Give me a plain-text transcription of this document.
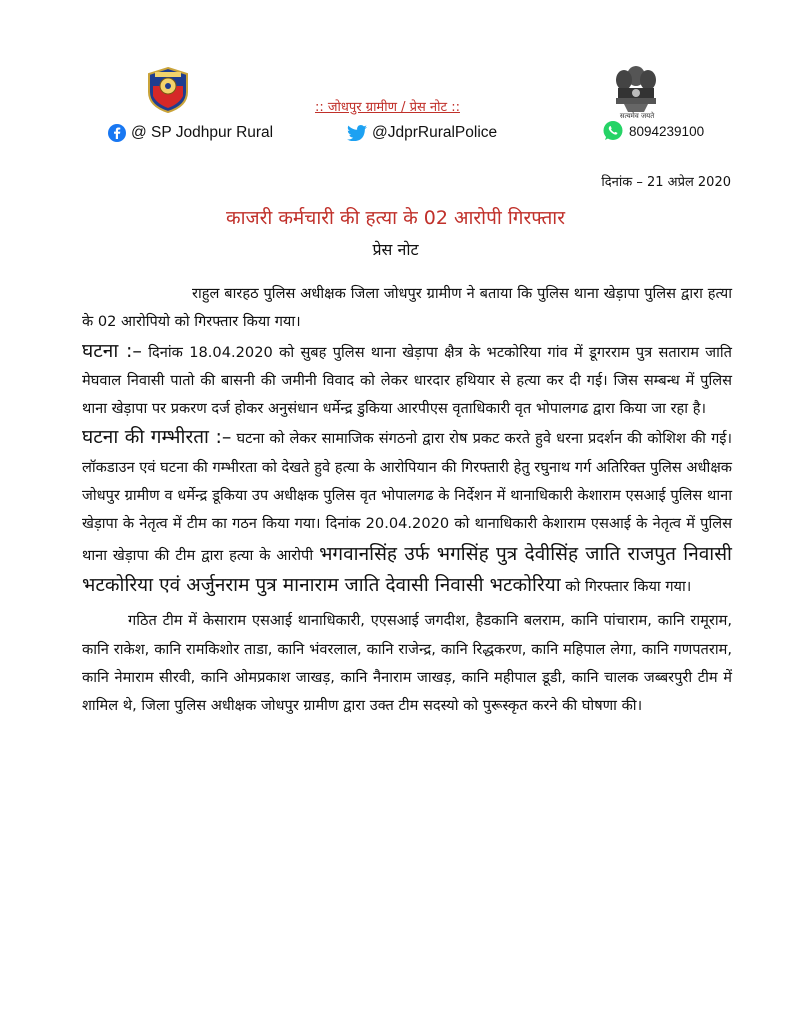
सत्यमेव जयते
:: जोधपुर ग्रामीण / प्रेस नोट ::
@ SP Jodhpur Rural	@JdprRuralPolice	8094239100
दिनांक – 21 अप्रेल 2020
काजरी कर्मचारी की हत्या के 02 आरोपी गिरफ्तार
प्रेस नोट

राहुल बारहठ पुलिस अधीक्षक जिला जोधपुर ग्रामीण ने बताया कि पुलिस थाना खेड़ापा पुलिस द्वारा हत्या के 02 आरोपियो को गिरफ्तार किया गया।

घटना :– दिनांक 18.04.2020 को सुबह पुलिस थाना खेड़ापा क्षैत्र के भटकोरिया गांव में डूगरराम पुत्र सताराम जाति मेघवाल निवासी पातो की बासनी की जमीनी विवाद को लेकर धारदार हथियार से हत्या कर दी गई। जिस सम्बन्ध में पुलिस थाना खेड़ापा पर प्रकरण दर्ज होकर अनुसंधान धर्मेन्द्र डुकिया आरपीएस वृताधिकारी वृत भोपालगढ द्वारा किया जा रहा है।

घटना की गम्भीरता :– घटना को लेकर सामाजिक संगठनो द्वारा रोष प्रकट करते हुवे धरना प्रदर्शन की कोशिश की गई। लॉकडाउन एवं घटना की गम्भीरता को देखते हुवे हत्या के आरोपियान की गिरफ्तारी हेतु रघुनाथ गर्ग अतिरिक्त पुलिस अधीक्षक जोधपुर ग्रामीण व धर्मेन्द्र डूकिया उप अधीक्षक पुलिस वृत भोपालगढ के निर्देशन में थानाधिकारी केशाराम एसआई पुलिस थाना खेड़ापा के नेतृत्व में टीम का गठन किया गया। दिनांक 20.04.2020 को थानाधिकारी केशाराम एसआई के नेतृत्व में पुलिस थाना खेड़ापा की टीम द्वारा हत्या के आरोपी भगवानसिंह उर्फ भगसिंह पुत्र देवीसिंह जाति राजपुत निवासी भटकोरिया एवं अर्जुनराम पुत्र मानाराम जाति देवासी निवासी भटकोरिया को गिरफ्तार किया गया।

गठित टीम में केसाराम एसआई थानाधिकारी, एएसआई जगदीश, हैडकानि बलराम, कानि पांचाराम, कानि रामूराम, कानि राकेश, कानि रामकिशोर ताडा, कानि भंवरलाल, कानि राजेन्द्र, कानि रिद्धकरण, कानि महिपाल लेगा, कानि गणपतराम, कानि नेमाराम सीरवी, कानि ओमप्रकाश जाखड़, कानि नैनाराम जाखड़, कानि महीपाल डूडी, कानि चालक जब्बरपुरी टीम में शामिल थे, जिला पुलिस अधीक्षक जोधपुर ग्रामीण द्वारा उक्त टीम सदस्यो को पुरूस्कृत करने की घोषणा की।
